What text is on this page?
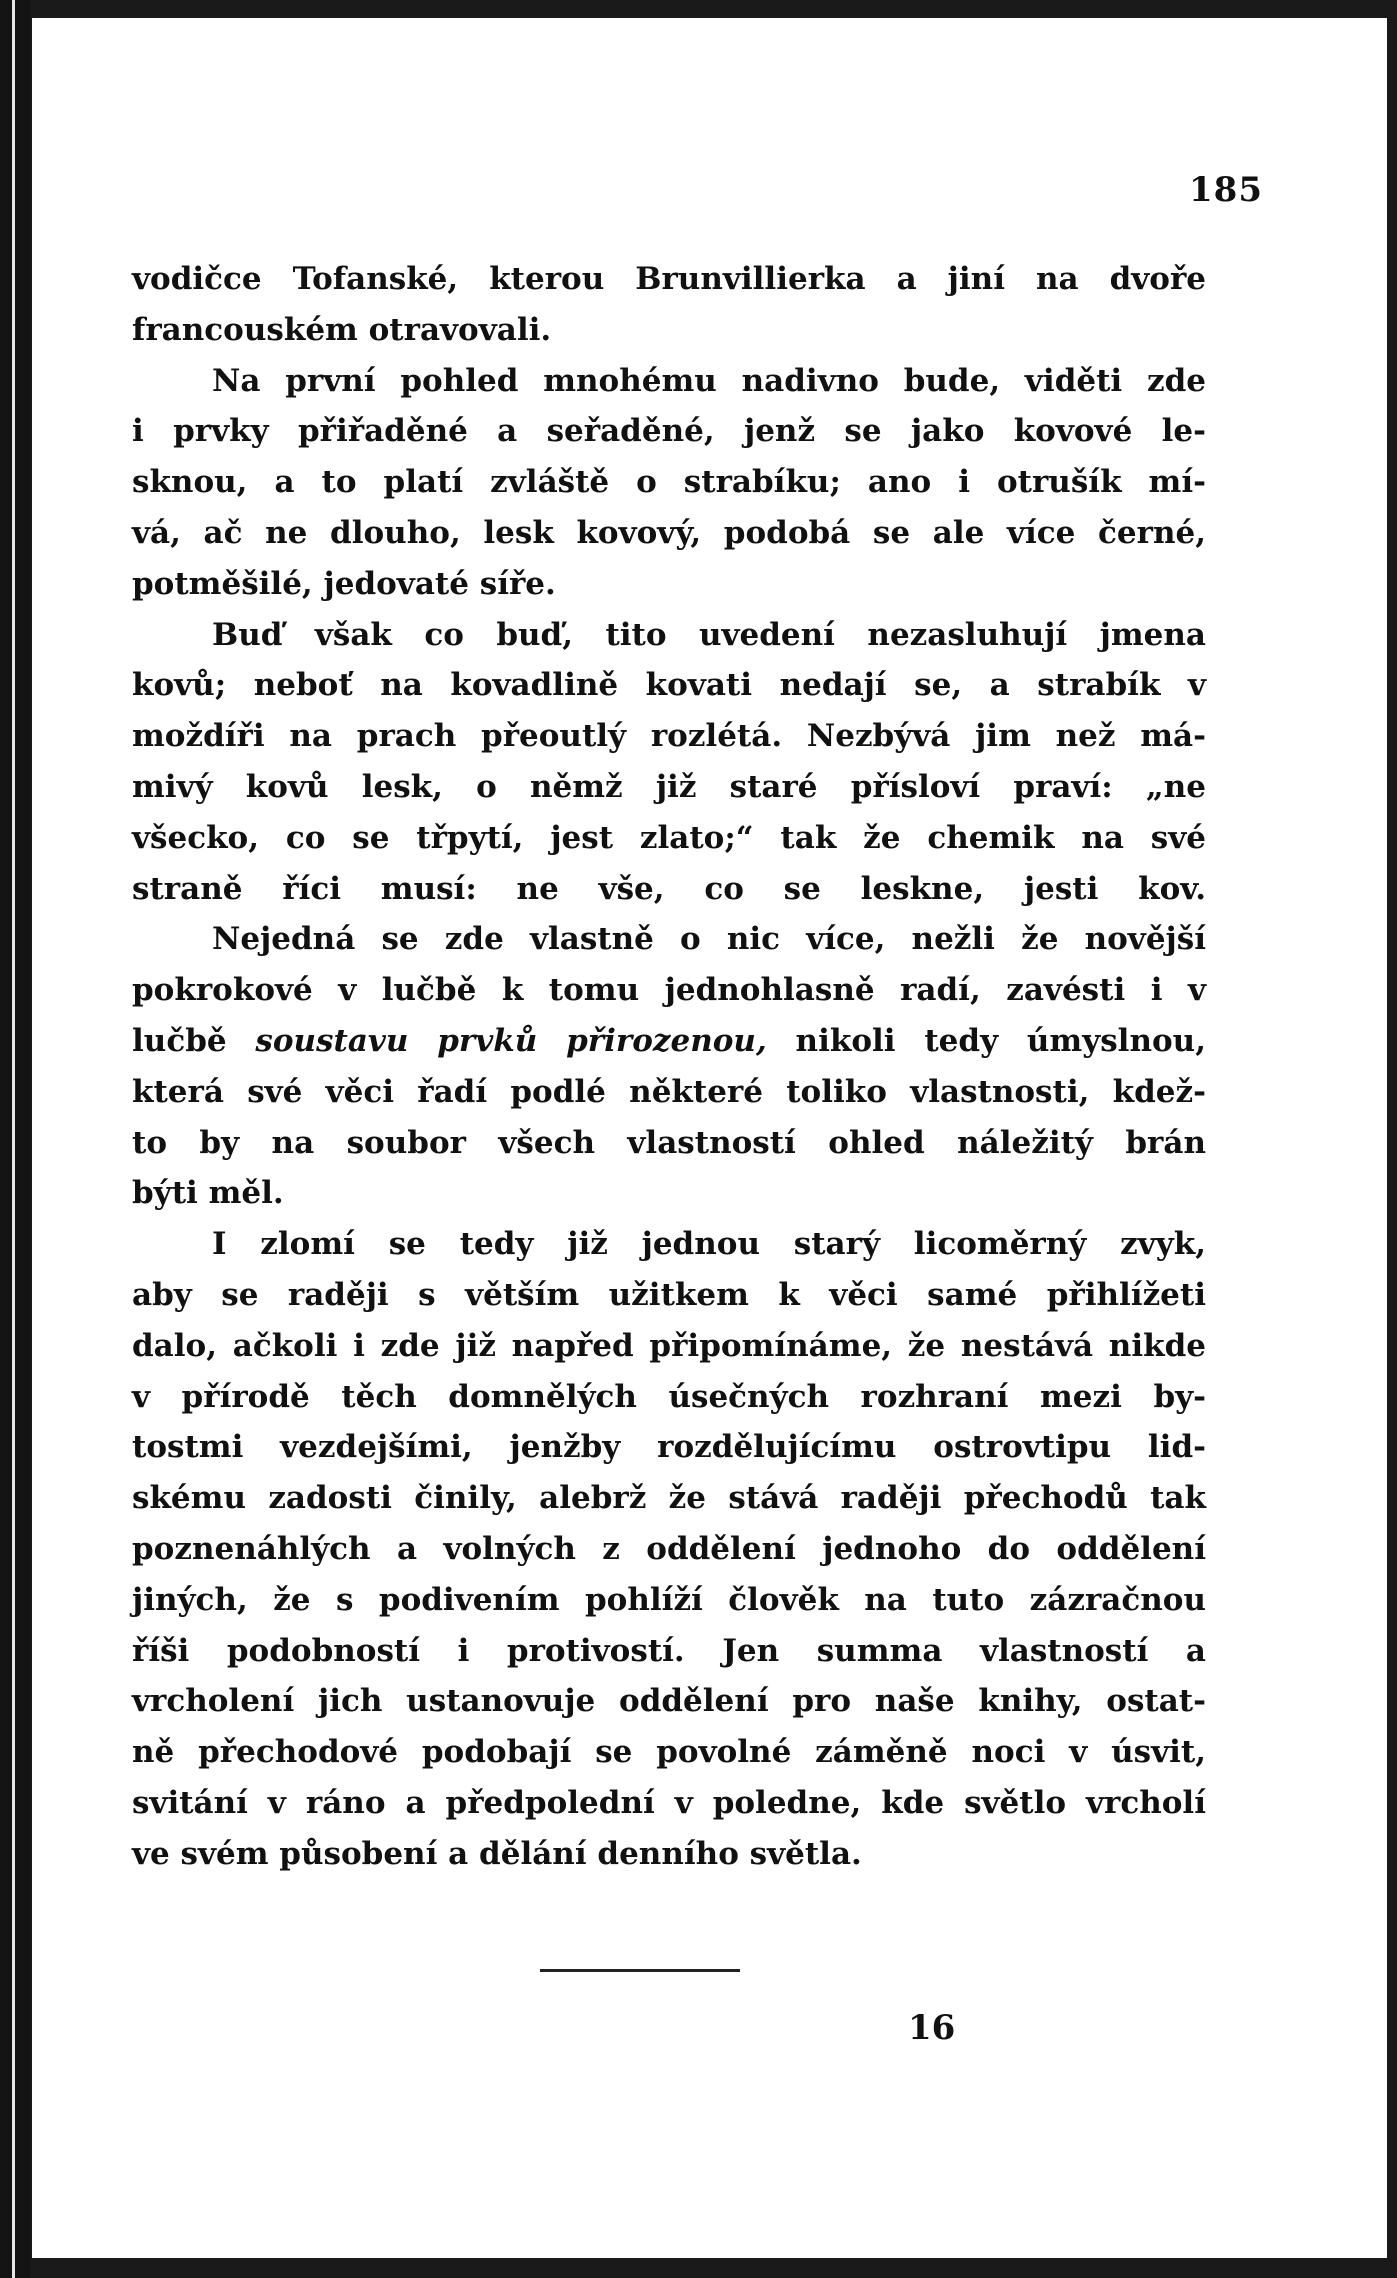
185
vodičce Tofanské, kterou Brunvillierka a jiní na dvoře
francouském otravovali.
Na první pohled mnohému nadivno bude, viděti zde
i prvky přiřaděné a seřaděné, jenž se jako kovové le-
sknou, a to platí zvláště o strabíku; ano i otrušík mí-
vá, ač ne dlouho, lesk kovový, podobá se ale více černé,
potměšilé, jedovaté síře.
Buď však co buď, tito uvedení nezasluhují jmena
kovů; neboť na kovadlině kovati nedají se, a strabík v
moždíři na prach přeoutlý rozlétá. Nezbývá jim než má-
mivý kovů lesk, o němž již staré přísloví praví: „ne
všecko, co se třpytí, jest zlato;“ tak že chemik na své
straně říci musí: ne vše, co se leskne, jesti kov.
Nejedná se zde vlastně o nic více, nežli že novější
pokrokové v lučbě k tomu jednohlasně radí, zavésti i v
lučbě soustavu prvků přirozenou, nikoli tedy úmyslnou,
která své věci řadí podlé některé toliko vlastnosti, kdež-
to by na soubor všech vlastností ohled náležitý brán
býti měl.
I zlomí se tedy již jednou starý licoměrný zvyk,
aby se raději s větším užitkem k věci samé přihlížeti
dalo, ačkoli i zde již napřed připomínáme, že nestává nikde
v přírodě těch domnělých úsečných rozhraní mezi by-
tostmi vezdejšími, jenžby rozdělujícímu ostrovtipu lid-
skému zadosti činily, alebrž že stává raději přechodů tak
poznenáhlých a volných z oddělení jednoho do oddělení
jiných, že s podivením pohlíží člověk na tuto zázračnou
říši podobností i protivostí. Jen summa vlastností a
vrcholení jich ustanovuje oddělení pro naše knihy, ostat-
ně přechodové podobají se povolné záměně noci v úsvit,
svitání v ráno a předpolední v poledne, kde světlo vrcholí
ve svém působení a dělání denního světla.
16
